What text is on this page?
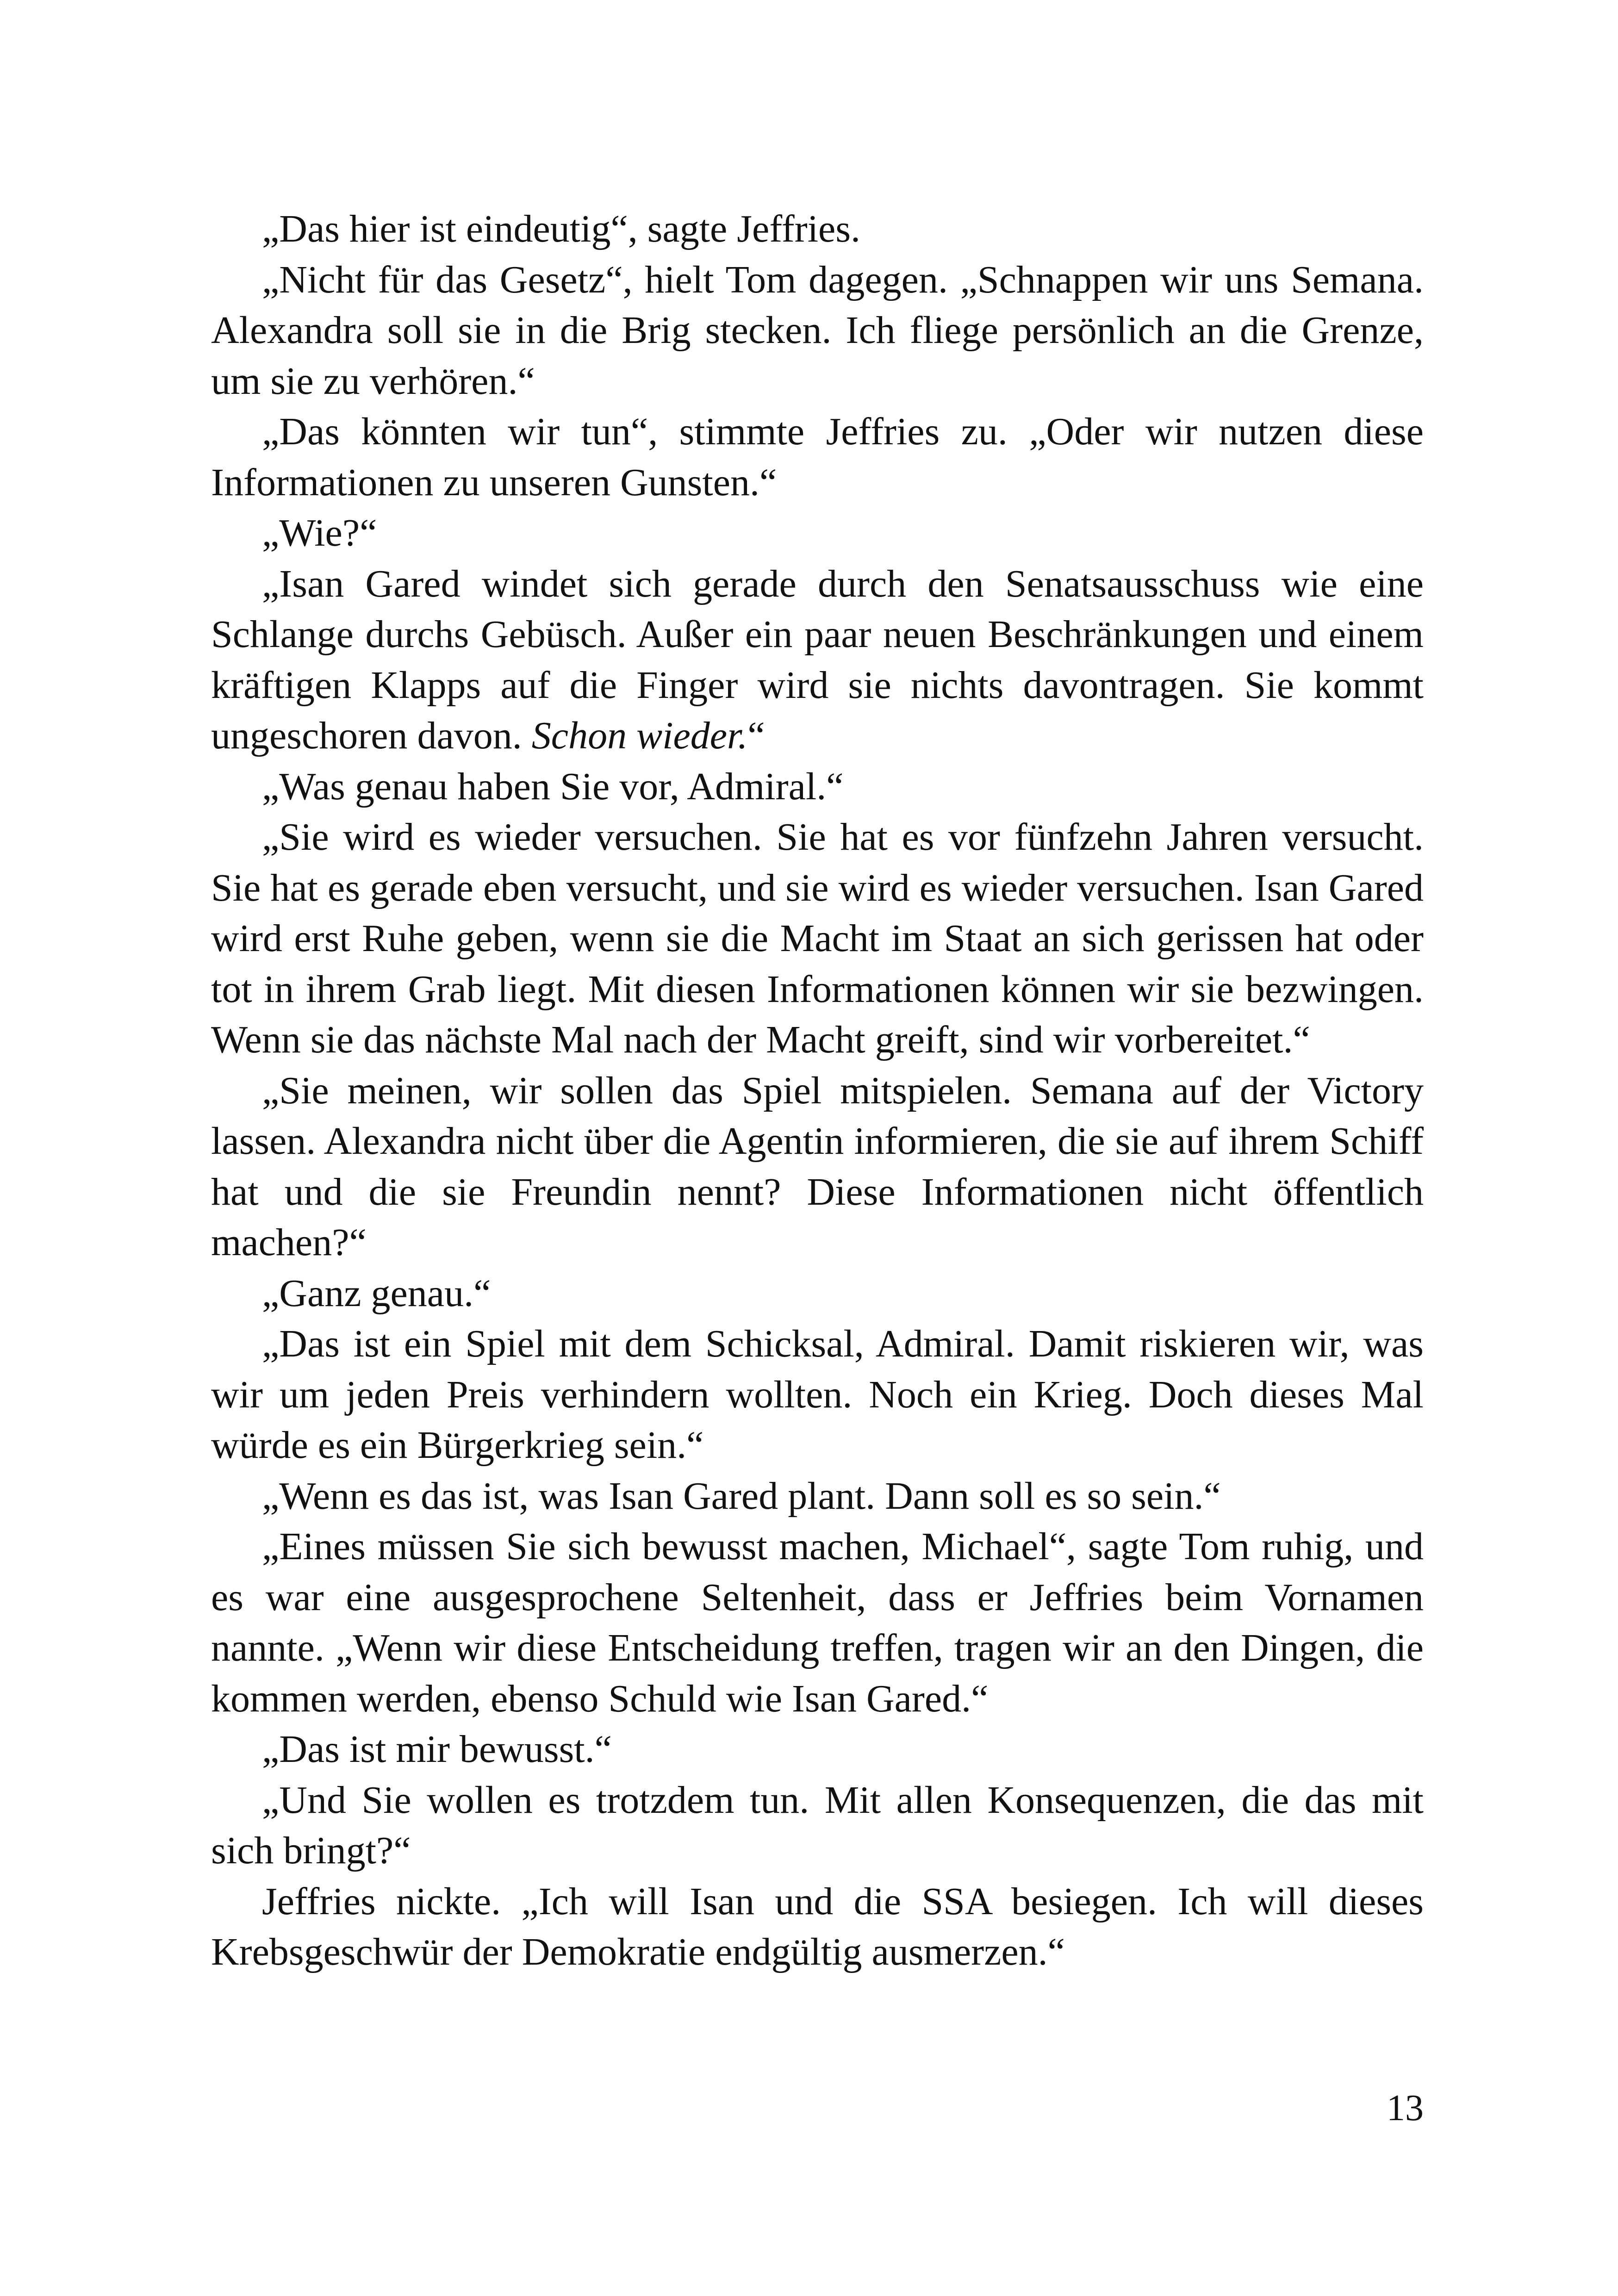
„Das hier ist eindeutig“, sagte Jeffries.

„Nicht für das Gesetz“, hielt Tom dagegen. „Schnappen wir uns Semana. Alexandra soll sie in die Brig stecken. Ich fliege persönlich an die Grenze, um sie zu verhören.“

„Das könnten wir tun“, stimmte Jeffries zu. „Oder wir nutzen diese Informationen zu unseren Gunsten.“

„Wie?“

„Isan Gared windet sich gerade durch den Senatsausschuss wie eine Schlange durchs Gebüsch. Außer ein paar neuen Beschränkungen und einem kräftigen Klapps auf die Finger wird sie nichts davontragen. Sie kommt ungeschoren davon. Schon wieder.“

„Was genau haben Sie vor, Admiral.“

„Sie wird es wieder versuchen. Sie hat es vor fünfzehn Jahren versucht. Sie hat es gerade eben versucht, und sie wird es wieder versuchen. Isan Gared wird erst Ruhe geben, wenn sie die Macht im Staat an sich gerissen hat oder tot in ihrem Grab liegt. Mit diesen Informationen können wir sie bezwingen. Wenn sie das nächste Mal nach der Macht greift, sind wir vorbereitet.“

„Sie meinen, wir sollen das Spiel mitspielen. Semana auf der Victory lassen. Alexandra nicht über die Agentin informieren, die sie auf ihrem Schiff hat und die sie Freundin nennt? Diese Informationen nicht öffentlich machen?“

„Ganz genau.“

„Das ist ein Spiel mit dem Schicksal, Admiral. Damit riskieren wir, was wir um jeden Preis verhindern wollten. Noch ein Krieg. Doch dieses Mal würde es ein Bürgerkrieg sein.“

„Wenn es das ist, was Isan Gared plant. Dann soll es so sein.“

„Eines müssen Sie sich bewusst machen, Michael“, sagte Tom ruhig, und es war eine ausgesprochene Seltenheit, dass er Jeffries beim Vornamen nannte. „Wenn wir diese Entscheidung treffen, tragen wir an den Dingen, die kommen werden, ebenso Schuld wie Isan Gared.“

„Das ist mir bewusst.“

„Und Sie wollen es trotzdem tun. Mit allen Konsequenzen, die das mit sich bringt?“

Jeffries nickte. „Ich will Isan und die SSA besiegen. Ich will dieses Krebsgeschwür der Demokratie endgültig ausmerzen.“

13
